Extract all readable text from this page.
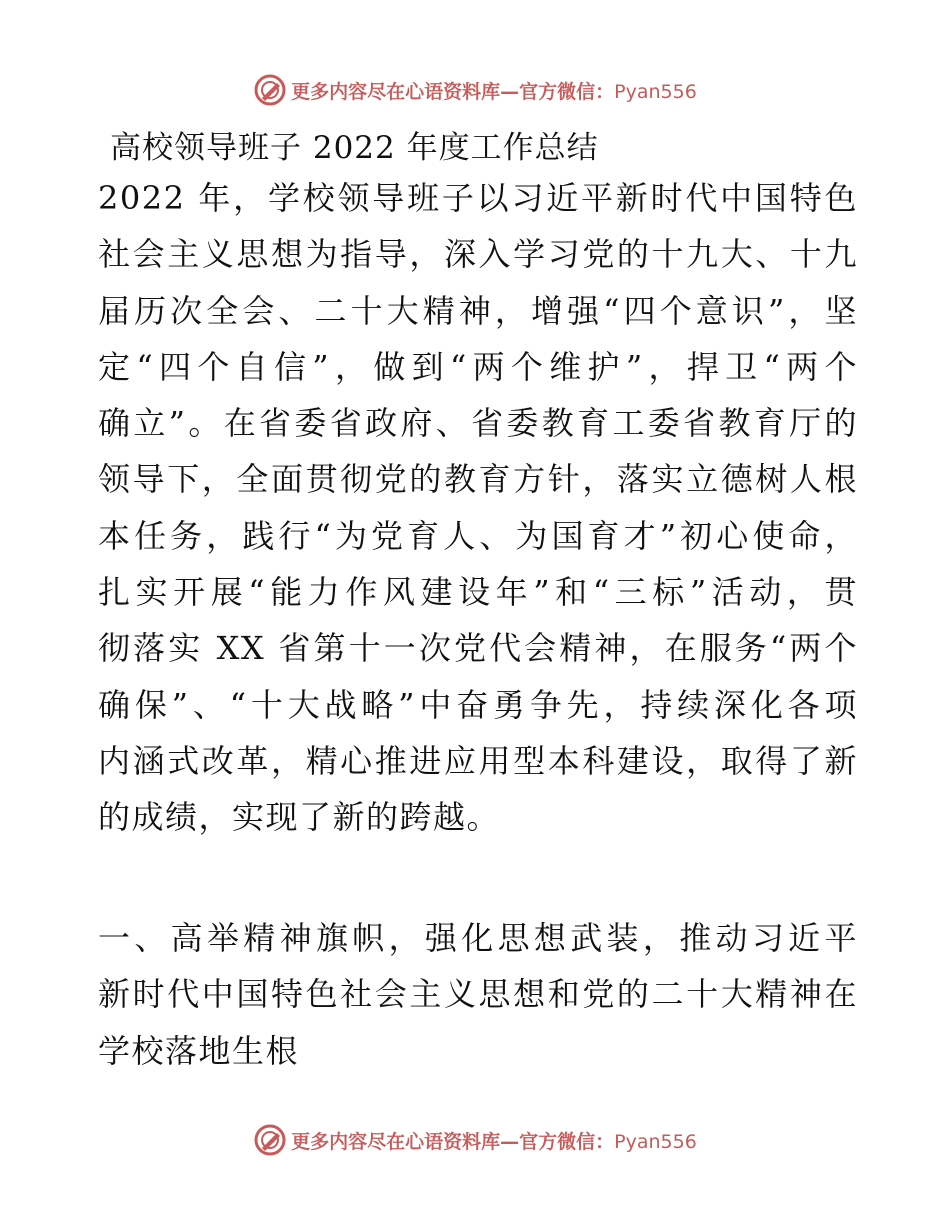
更多内容尽在心语资料库—官方微信：Pyan556
高校领导班子 2022 年度工作总结
2022 年，学校领导班子以习近平新时代中国特色
社会主义思想为指导，深入学习党的十九大、十九
届历次全会、二十大精神，增强“四个意识”，坚
定“四个自信”，做到“两个维护”，捍卫“两个
确立”。在省委省政府、省委教育工委省教育厅的
领导下，全面贯彻党的教育方针，落实立德树人根
本任务，践行“为党育人、为国育才”初心使命，
扎实开展“能力作风建设年”和“三标”活动，贯
彻落实 XX 省第十一次党代会精神，在服务“两个
确保”、“十大战略”中奋勇争先，持续深化各项
内涵式改革，精心推进应用型本科建设，取得了新
的成绩，实现了新的跨越。
一、高举精神旗帜，强化思想武装，推动习近平
新时代中国特色社会主义思想和党的二十大精神在
学校落地生根
更多内容尽在心语资料库—官方微信：Pyan556
